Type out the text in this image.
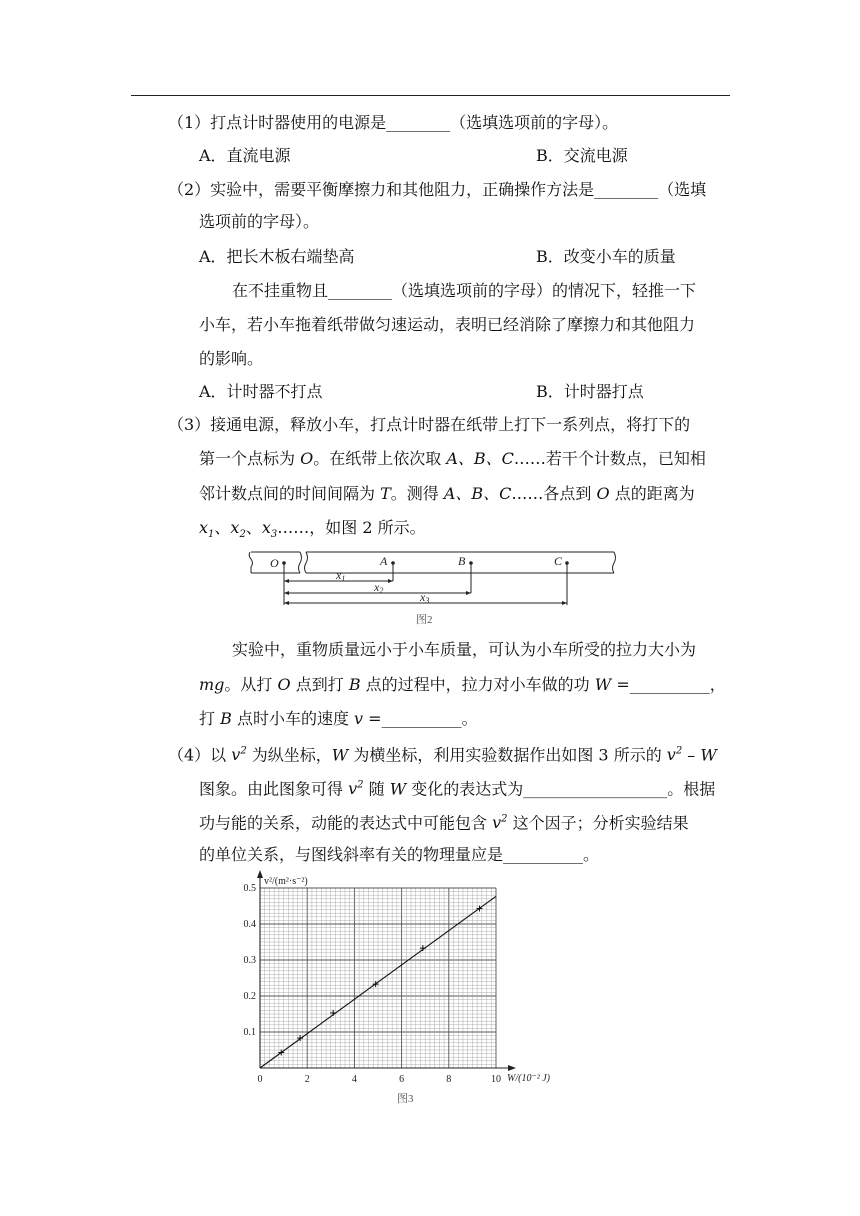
（1）打点计时器使用的电源是________（选填选项前的字母）。
A．直流电源	B．交流电源
（2）实验中，需要平衡摩擦力和其他阻力，正确操作方法是________（选填
选项前的字母）。
A．把长木板右端垫高	B．改变小车的质量
在不挂重物且________（选填选项前的字母）的情况下，轻推一下
小车，若小车拖着纸带做匀速运动，表明已经消除了摩擦力和其他阻力
的影响。
A．计时器不打点	B．计时器打点
（3）接通电源，释放小车，打点计时器在纸带上打下一系列点，将打下的
第一个点标为 O。在纸带上依次取 A、B、C……若干个计数点，已知相
邻计数点间的时间间隔为 T。测得 A、B、C……各点到 O 点的距离为
$x_1$、$x_2$、$x_3\dots\dots$，如图 2 所示。
O	A	B	C
x1
x2	x3
图2
实验中，重物质量远小于小车质量，可认为小车所受的拉力大小为
mg。从打 O 点到打 B 点的过程中，拉力对小车做的功 W =__________，
打 B 点时小车的速度 v =__________。
（4）以 $v^2$ 为纵坐标，W 为横坐标，利用实验数据作出如图 3 所示的 $v^2$ – W
图象。由此图象可得 $v^2$ 随 W 变化的表达式为__________________。根据
功与能的关系，动能的表达式中可能包含 $v^2$ 这个因子；分析实验结果
的单位关系，与图线斜率有关的物理量应是__________。
0	2	4	6	8	10
0.1
0.2
0.3
0.4
0.5
v²/(m²·s⁻²)
W/(10⁻² J)
图3
